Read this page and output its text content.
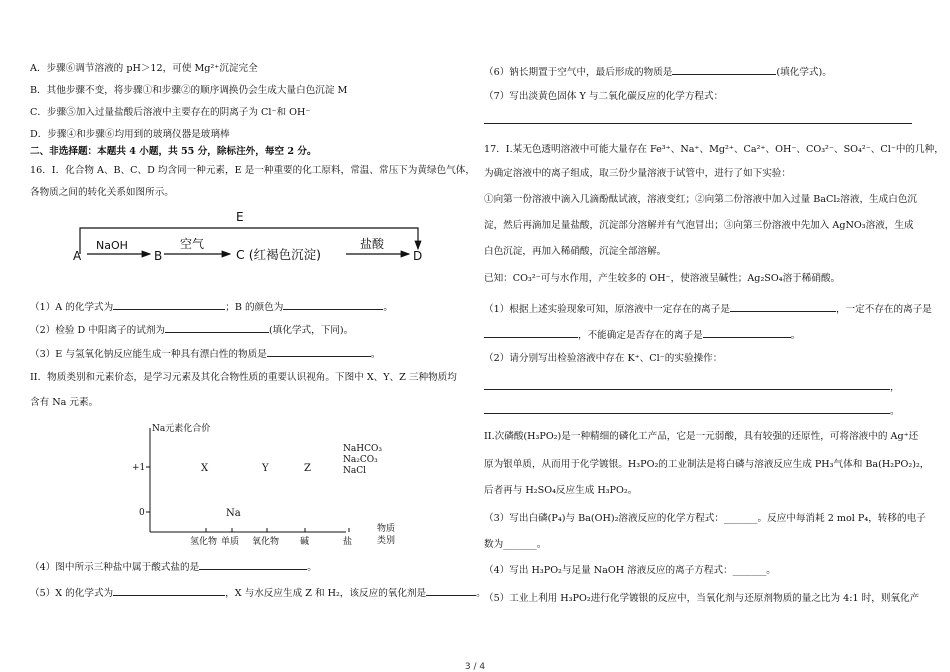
A．步骤⑥调节溶液的 pH＞12，可使 Mg²⁺沉淀完全
B．其他步骤不变，将步骤①和步骤②的顺序调换仍会生成大量白色沉淀 M
C．步骤⑤加入过量盐酸后溶液中主要存在的阴离子为 Cl⁻和 OH⁻
D．步骤④和步骤⑥均用到的玻璃仪器是玻璃棒
二、非选择题：本题共 4 小题，共 55 分，除标注外，每空 2 分。
16．I．化合物 A、B、C、D 均含同一种元素，E 是一种重要的化工原料，常温、常压下为黄绿色气体，
各物质之间的转化关系如图所示。
E
A
NaOH
B
空气
C (红褐色沉淀)
盐酸
D
（1）A 的化学式为	；B 的颜色为	。
（2）检验 D 中阳离子的试剂为	(填化学式，下同)。
（3）E 与氢氧化钠反应能生成一种具有漂白性的物质是	。
II．物质类别和元素价态，是学习元素及其化合物性质的重要认识视角。下图中 X、Y、Z 三种物质均
含有 Na 元素。
Na元素化合价
+1
0
氢化物 单质 氧化物 碱	盐
物质
类别
X
Na
Y	Z
NaHCO₃
Na₂CO₃
NaCl
（4）图中所示三种盐中属于酸式盐的是	。
（5）X 的化学式为	，X 与水反应生成 Z 和 H₂，该反应的氧化剂是	。
（6）钠长期置于空气中，最后形成的物质是	(填化学式)。
（7）写出淡黄色固体 Y 与二氧化碳反应的化学方程式：
17．I.某无色透明溶液中可能大量存在 Fe³⁺、Na⁺、Mg²⁺、Ca²⁺、OH⁻、CO₃²⁻、SO₄²⁻、Cl⁻中的几种，
为确定溶液中的离子组成，取三份少量溶液于试管中，进行了如下实验：
①向第一份溶液中滴入几滴酚酞试液，溶液变红；②向第二份溶液中加入过量 BaCl₂溶液，生成白色沉
淀，然后再滴加足量盐酸，沉淀部分溶解并有气泡冒出；③向第三份溶液中先加入 AgNO₃溶液，生成
白色沉淀，再加入稀硝酸，沉淀全部溶解。
已知：CO₃²⁻可与水作用，产生较多的 OH⁻，使溶液呈碱性；Ag₂SO₄溶于稀硝酸。
（1）根据上述实验现象可知，原溶液中一定存在的离子是	，一定不存在的离子是
，不能确定是否存在的离子是	。
（2）请分别写出检验溶液中存在 K⁺、Cl⁻的实验操作：
，
。
II.次磷酸(H₃PO₂)是一种精细的磷化工产品，它是一元弱酸，具有较强的还原性，可将溶液中的 Ag⁺还
原为银单质，从而用于化学镀银。H₃PO₂的工业制法是将白磷与溶液反应生成 PH₃气体和 Ba(H₂PO₂)₂，
后者再与 H₂SO₄反应生成 H₃PO₂。
（3）写出白磷(P₄)与 Ba(OH)₂溶液反应的化学方程式：_______。反应中每消耗 2 mol P₄，转移的电子
数为_______。
（4）写出 H₃PO₂与足量 NaOH 溶液反应的离子方程式：_______。
（5）工业上利用 H₃PO₂进行化学镀银的反应中，当氧化剂与还原剂物质的量之比为 4:1 时，则氧化产
3 / 4
